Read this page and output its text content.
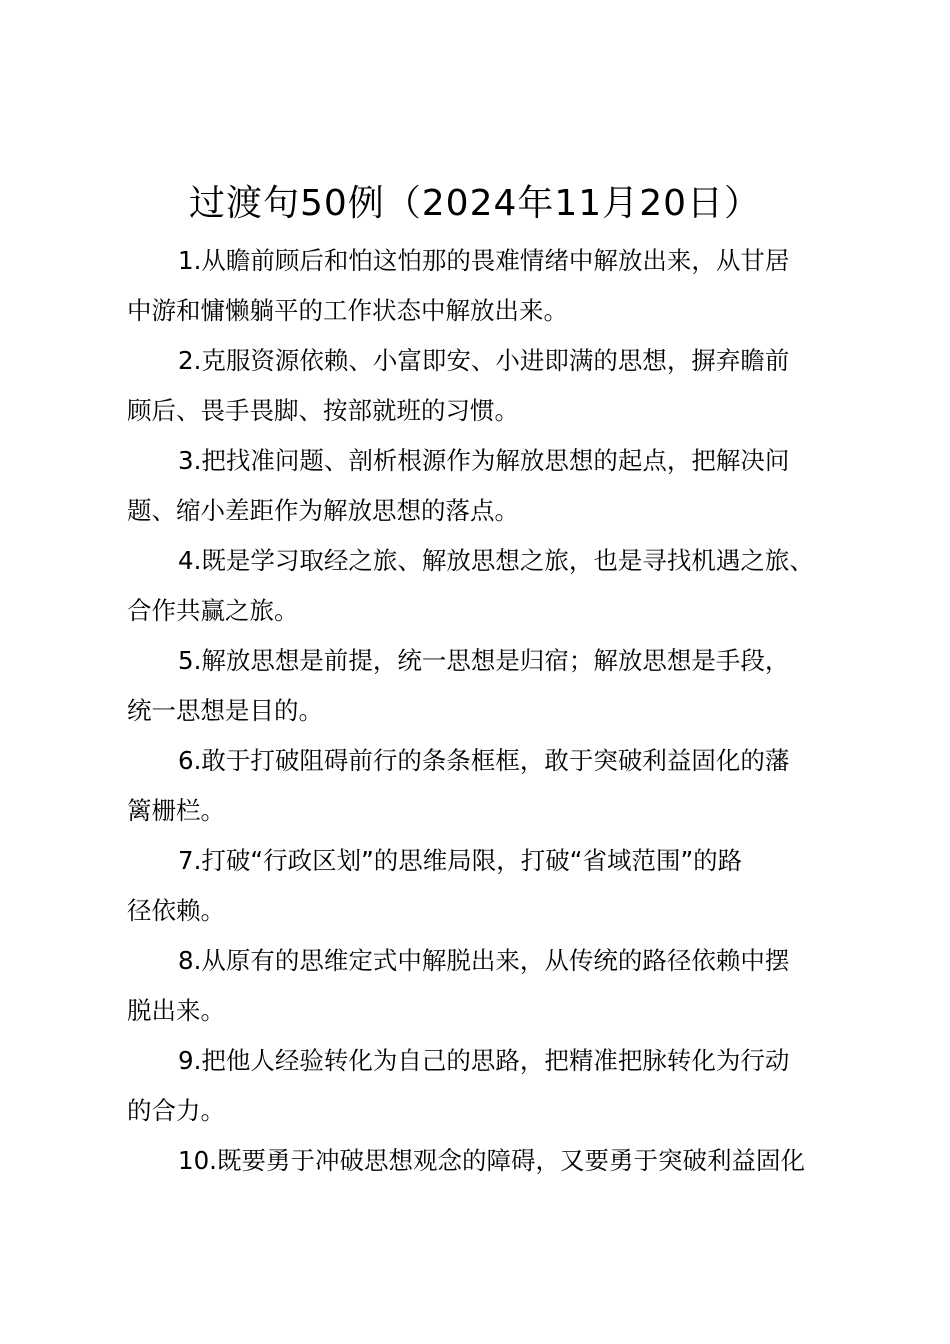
过渡句50例（2024年11月20日）

1.从瞻前顾后和怕这怕那的畏难情绪中解放出来，从甘居
中游和慵懒躺平的工作状态中解放出来。

2.克服资源依赖、小富即安、小进即满的思想，摒弃瞻前
顾后、畏手畏脚、按部就班的习惯。

3.把找准问题、剖析根源作为解放思想的起点，把解决问
题、缩小差距作为解放思想的落点。

4.既是学习取经之旅、解放思想之旅，也是寻找机遇之旅、
合作共赢之旅。

5.解放思想是前提，统一思想是归宿；解放思想是手段，
统一思想是目的。

6.敢于打破阻碍前行的条条框框，敢于突破利益固化的藩
篱栅栏。

7.打破“行政区划”的思维局限，打破“省域范围”的路
径依赖。

8.从原有的思维定式中解脱出来，从传统的路径依赖中摆
脱出来。

9.把他人经验转化为自己的思路，把精准把脉转化为行动
的合力。

10.既要勇于冲破思想观念的障碍，又要勇于突破利益固化
